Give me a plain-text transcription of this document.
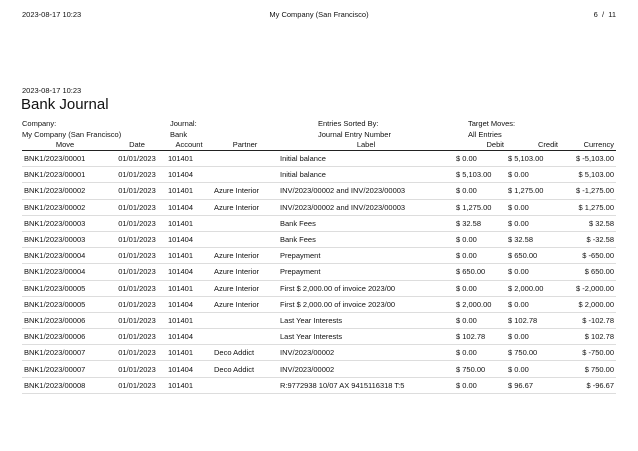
2023-08-17 10:23	My Company (San Francisco)	6 / 11
2023-08-17 10:23
Bank Journal
Company:
My Company (San Francisco)
Journal:
Bank
Entries Sorted By:
Journal Entry Number
Target Moves:
All Entries
Move	Date	Account	Partner	Label	Debit	Credit	Currency
BNK1/2023/00001	01/01/2023	101401		Initial balance	$ 0.00	$ 5,103.00	$ -5,103.00
BNK1/2023/00001	01/01/2023	101404		Initial balance	$ 5,103.00	$ 0.00	$ 5,103.00
BNK1/2023/00002	01/01/2023	101401	Azure Interior	INV/2023/00002 and INV/2023/00003	$ 0.00	$ 1,275.00	$ -1,275.00
BNK1/2023/00002	01/01/2023	101404	Azure Interior	INV/2023/00002 and INV/2023/00003	$ 1,275.00	$ 0.00	$ 1,275.00
BNK1/2023/00003	01/01/2023	101401		Bank Fees	$ 32.58	$ 0.00	$ 32.58
BNK1/2023/00003	01/01/2023	101404		Bank Fees	$ 0.00	$ 32.58	$ -32.58
BNK1/2023/00004	01/01/2023	101401	Azure Interior	Prepayment	$ 0.00	$ 650.00	$ -650.00
BNK1/2023/00004	01/01/2023	101404	Azure Interior	Prepayment	$ 650.00	$ 0.00	$ 650.00
BNK1/2023/00005	01/01/2023	101401	Azure Interior	First $ 2,000.00 of invoice 2023/00	$ 0.00	$ 2,000.00	$ -2,000.00
BNK1/2023/00005	01/01/2023	101404	Azure Interior	First $ 2,000.00 of invoice 2023/00	$ 2,000.00	$ 0.00	$ 2,000.00
BNK1/2023/00006	01/01/2023	101401		Last Year Interests	$ 0.00	$ 102.78	$ -102.78
BNK1/2023/00006	01/01/2023	101404		Last Year Interests	$ 102.78	$ 0.00	$ 102.78
BNK1/2023/00007	01/01/2023	101401	Deco Addict	INV/2023/00002	$ 0.00	$ 750.00	$ -750.00
BNK1/2023/00007	01/01/2023	101404	Deco Addict	INV/2023/00002	$ 750.00	$ 0.00	$ 750.00
BNK1/2023/00008	01/01/2023	101401		R:9772938 10/07 AX 9415116318 T:5	$ 0.00	$ 96.67	$ -96.67
